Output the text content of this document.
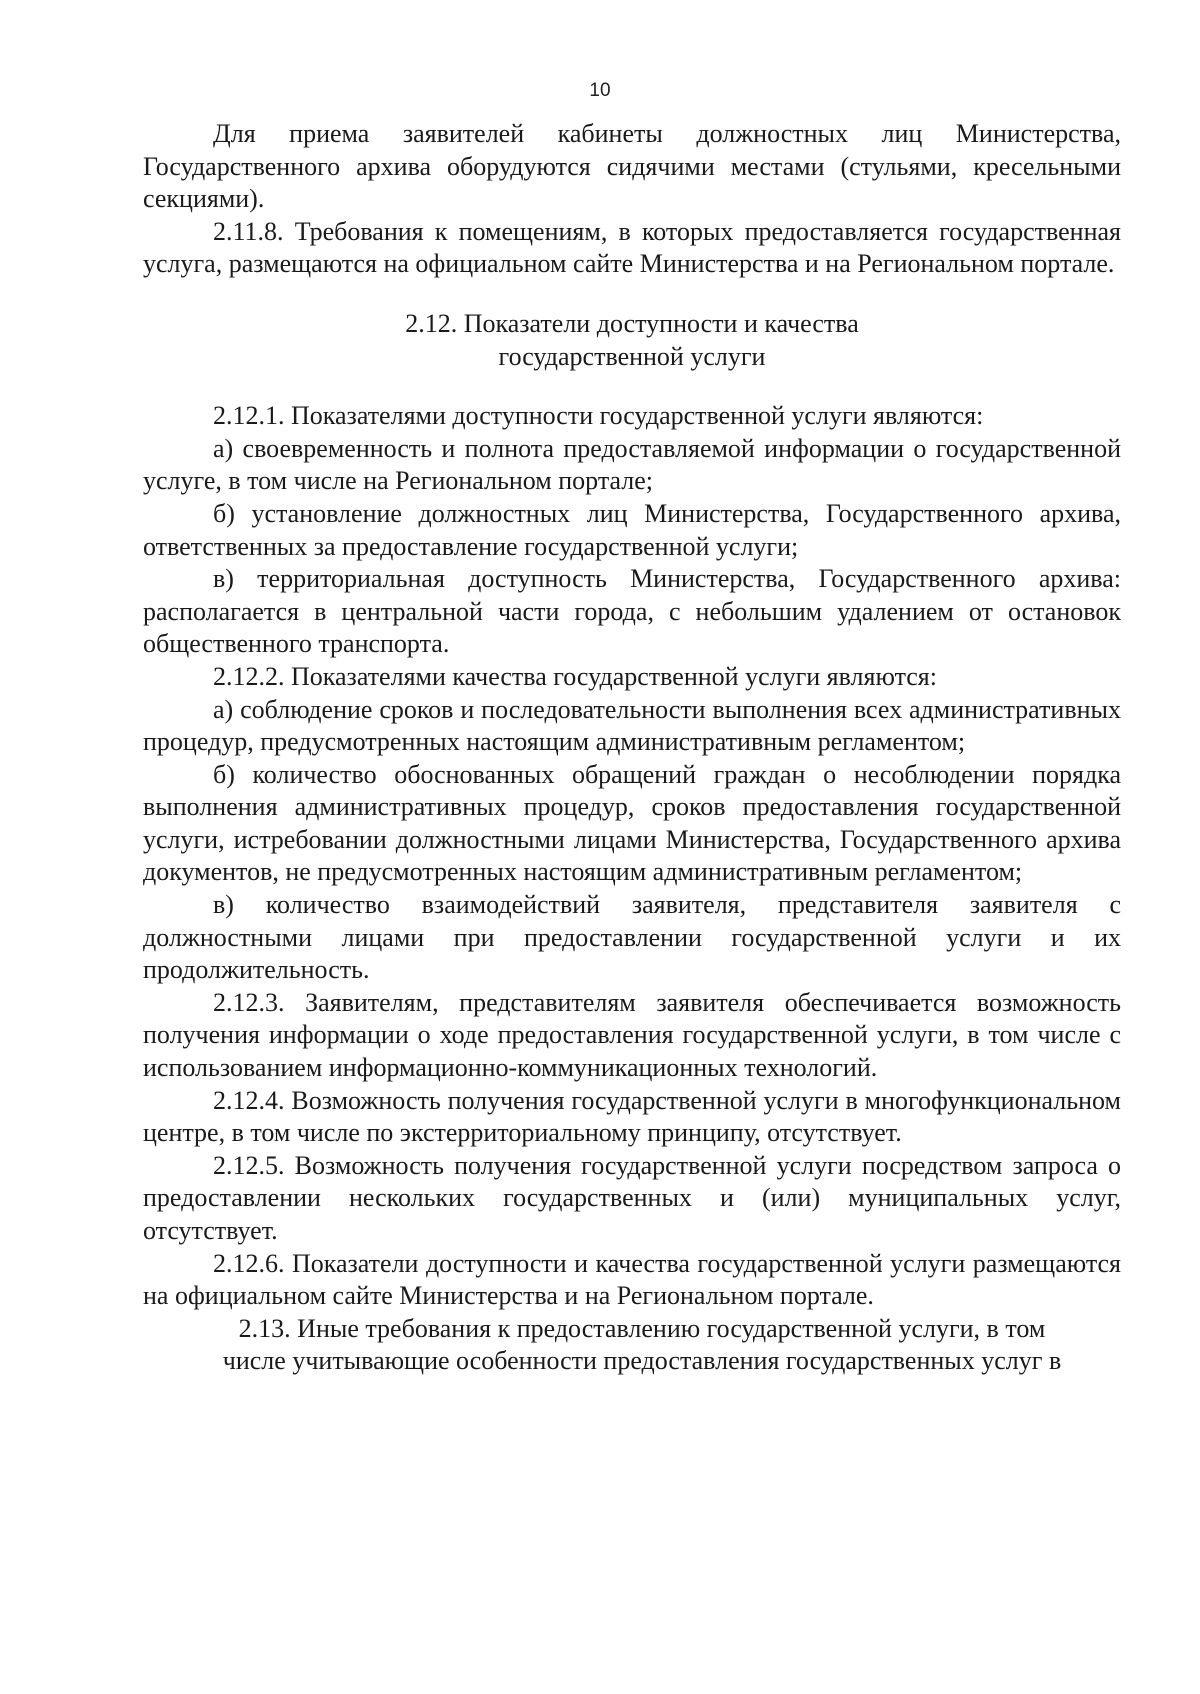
10

Для приема заявителей кабинеты должностных лиц Министерства, Государственного архива оборудуются сидячими местами (стульями, кресельными секциями).

2.11.8. Требования к помещениям, в которых предоставляется государственная услуга, размещаются на официальном сайте Министерства и на Региональном портале.

2.12. Показатели доступности и качества
государственной услуги

2.12.1. Показателями доступности государственной услуги являются:

а) своевременность и полнота предоставляемой информации о государственной услуге, в том числе на Региональном портале;

б) установление должностных лиц Министерства, Государственного архива, ответственных за предоставление государственной услуги;

в) территориальная доступность Министерства, Государственного архива: располагается в центральной части города, с небольшим удалением от остановок общественного транспорта.

2.12.2. Показателями качества государственной услуги являются:

а) соблюдение сроков и последовательности выполнения всех административных процедур, предусмотренных настоящим административным регламентом;

б) количество обоснованных обращений граждан о несоблюдении порядка выполнения административных процедур, сроков предоставления государственной услуги, истребовании должностными лицами Министерства, Государственного архива документов, не предусмотренных настоящим административным регламентом;

в) количество взаимодействий заявителя, представителя заявителя с должностными лицами при предоставлении государственной услуги и их продолжительность.

2.12.3. Заявителям, представителям заявителя обеспечивается возможность получения информации о ходе предоставления государственной услуги, в том числе с использованием информационно-коммуникационных технологий.

2.12.4. Возможность получения государственной услуги в многофункциональном центре, в том числе по экстерриториальному принципу, отсутствует.

2.12.5. Возможность получения государственной услуги посредством запроса о предоставлении нескольких государственных и (или) муниципальных услуг, отсутствует.

2.12.6. Показатели доступности и качества государственной услуги размещаются на официальном сайте Министерства и на Региональном портале.

2.13. Иные требования к предоставлению государственной услуги, в том
числе учитывающие особенности предоставления государственных услуг в
